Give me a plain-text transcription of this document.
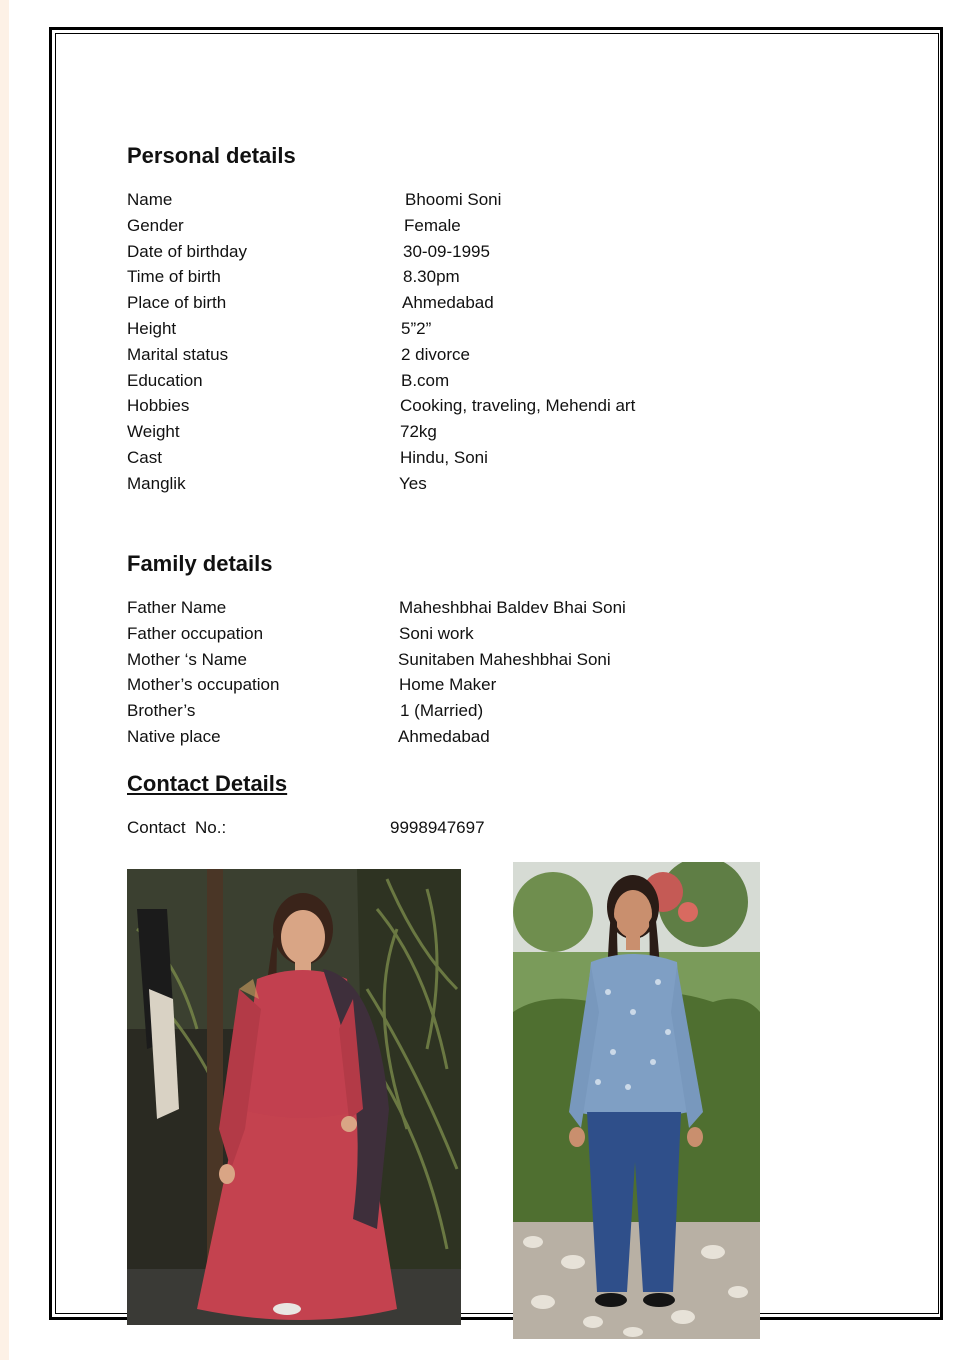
Personal details
Name	Bhoomi Soni
Gender	Female
Date of birthday	30-09-1995
Time of birth	8.30pm
Place of birth	Ahmedabad
Height	5”2”
Marital status	2 divorce
Education	B.com
Hobbies	Cooking, traveling, Mehendi art
Weight	72kg
Cast	Hindu, Soni
Manglik	Yes
Family details
Father Name	Maheshbhai Baldev Bhai Soni
Father occupation	Soni work
Mother ‘s Name	Sunitaben Maheshbhai Soni
Mother’s occupation	Home Maker
Brother’s	1 (Married)
Native place	Ahmedabad
Contact Details
Contact  No.:	9998947697
